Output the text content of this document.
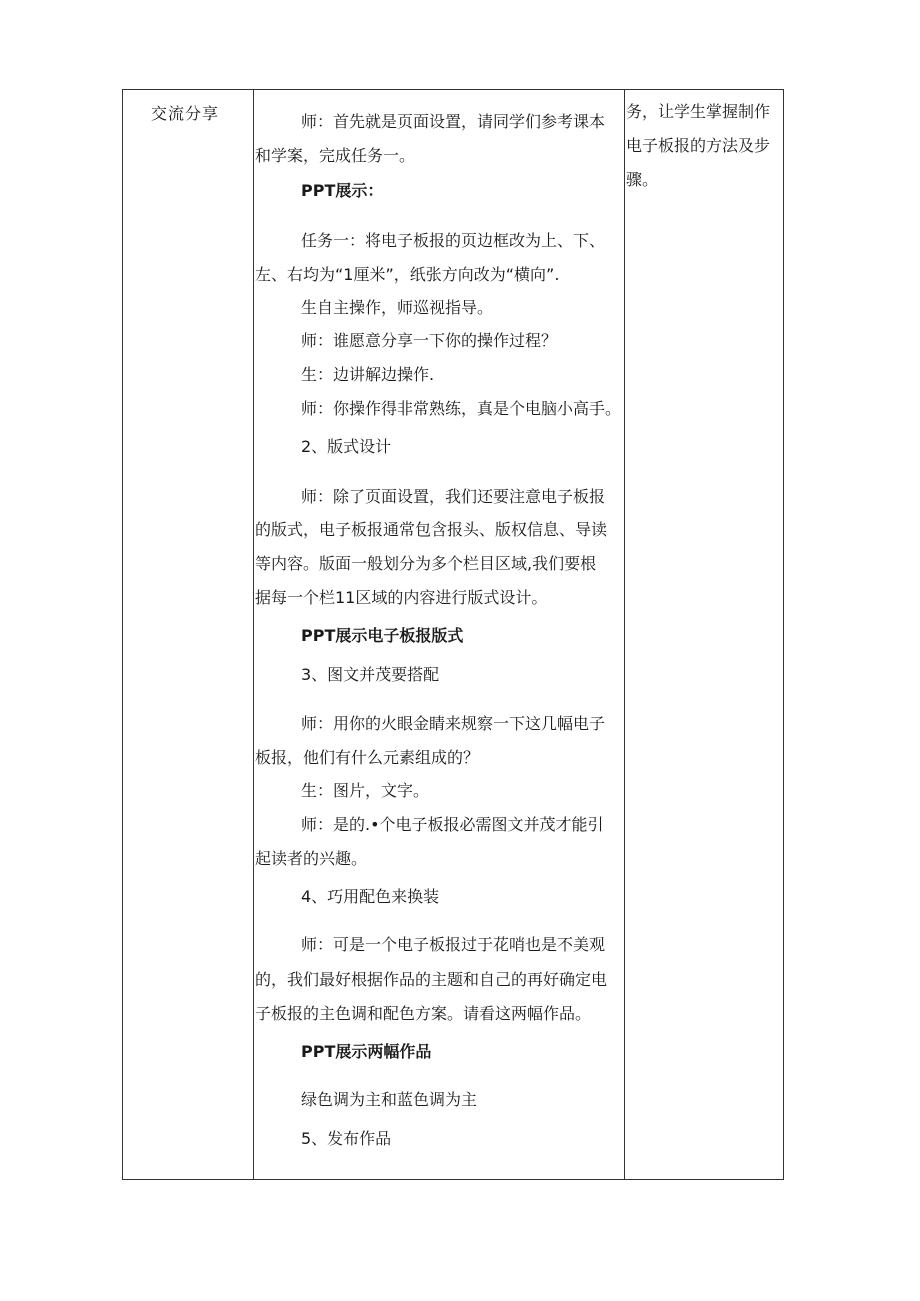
交流分享	师：首先就是页面设置，请同学们参考课本
和学案，完成任务一。
PPT展示：
任务一：将电子板报的页边框改为上、下、
左、右均为“1厘米”，纸张方向改为“横向”.
生自主操作，师巡视指导。
师：谁愿意分享一下你的操作过程？
生：边讲解边操作.
师：你操作得非常熟练，真是个电脑小高手。
2、版式设计
师：除了页面设置，我们还要注意电子板报
的版式，电子板报通常包含报头、版权信息、导读
等内容。版面一般划分为多个栏目区域,我们要根
据每一个栏11区域的内容进行版式设计。
PPT展示电子板报版式
3、图文并茂要搭配
师：用你的火眼金睛来规察一下这几幅电子
板报，他们有什么元素组成的？
生：图片，文字。
师：是的.•个电子板报必需图文并茂才能引
起读者的兴趣。
4、巧用配色来换装
师：可是一个电子板报过于花哨也是不美观
的，我们最好根据作品的主题和自己的再好确定电
子板报的主色调和配色方案。请看这两幅作品。
PPT展示两幅作品
绿色调为主和蓝色调为主
5、发布作品
务，让学生掌握制作
电子板报的方法及步
骤。
